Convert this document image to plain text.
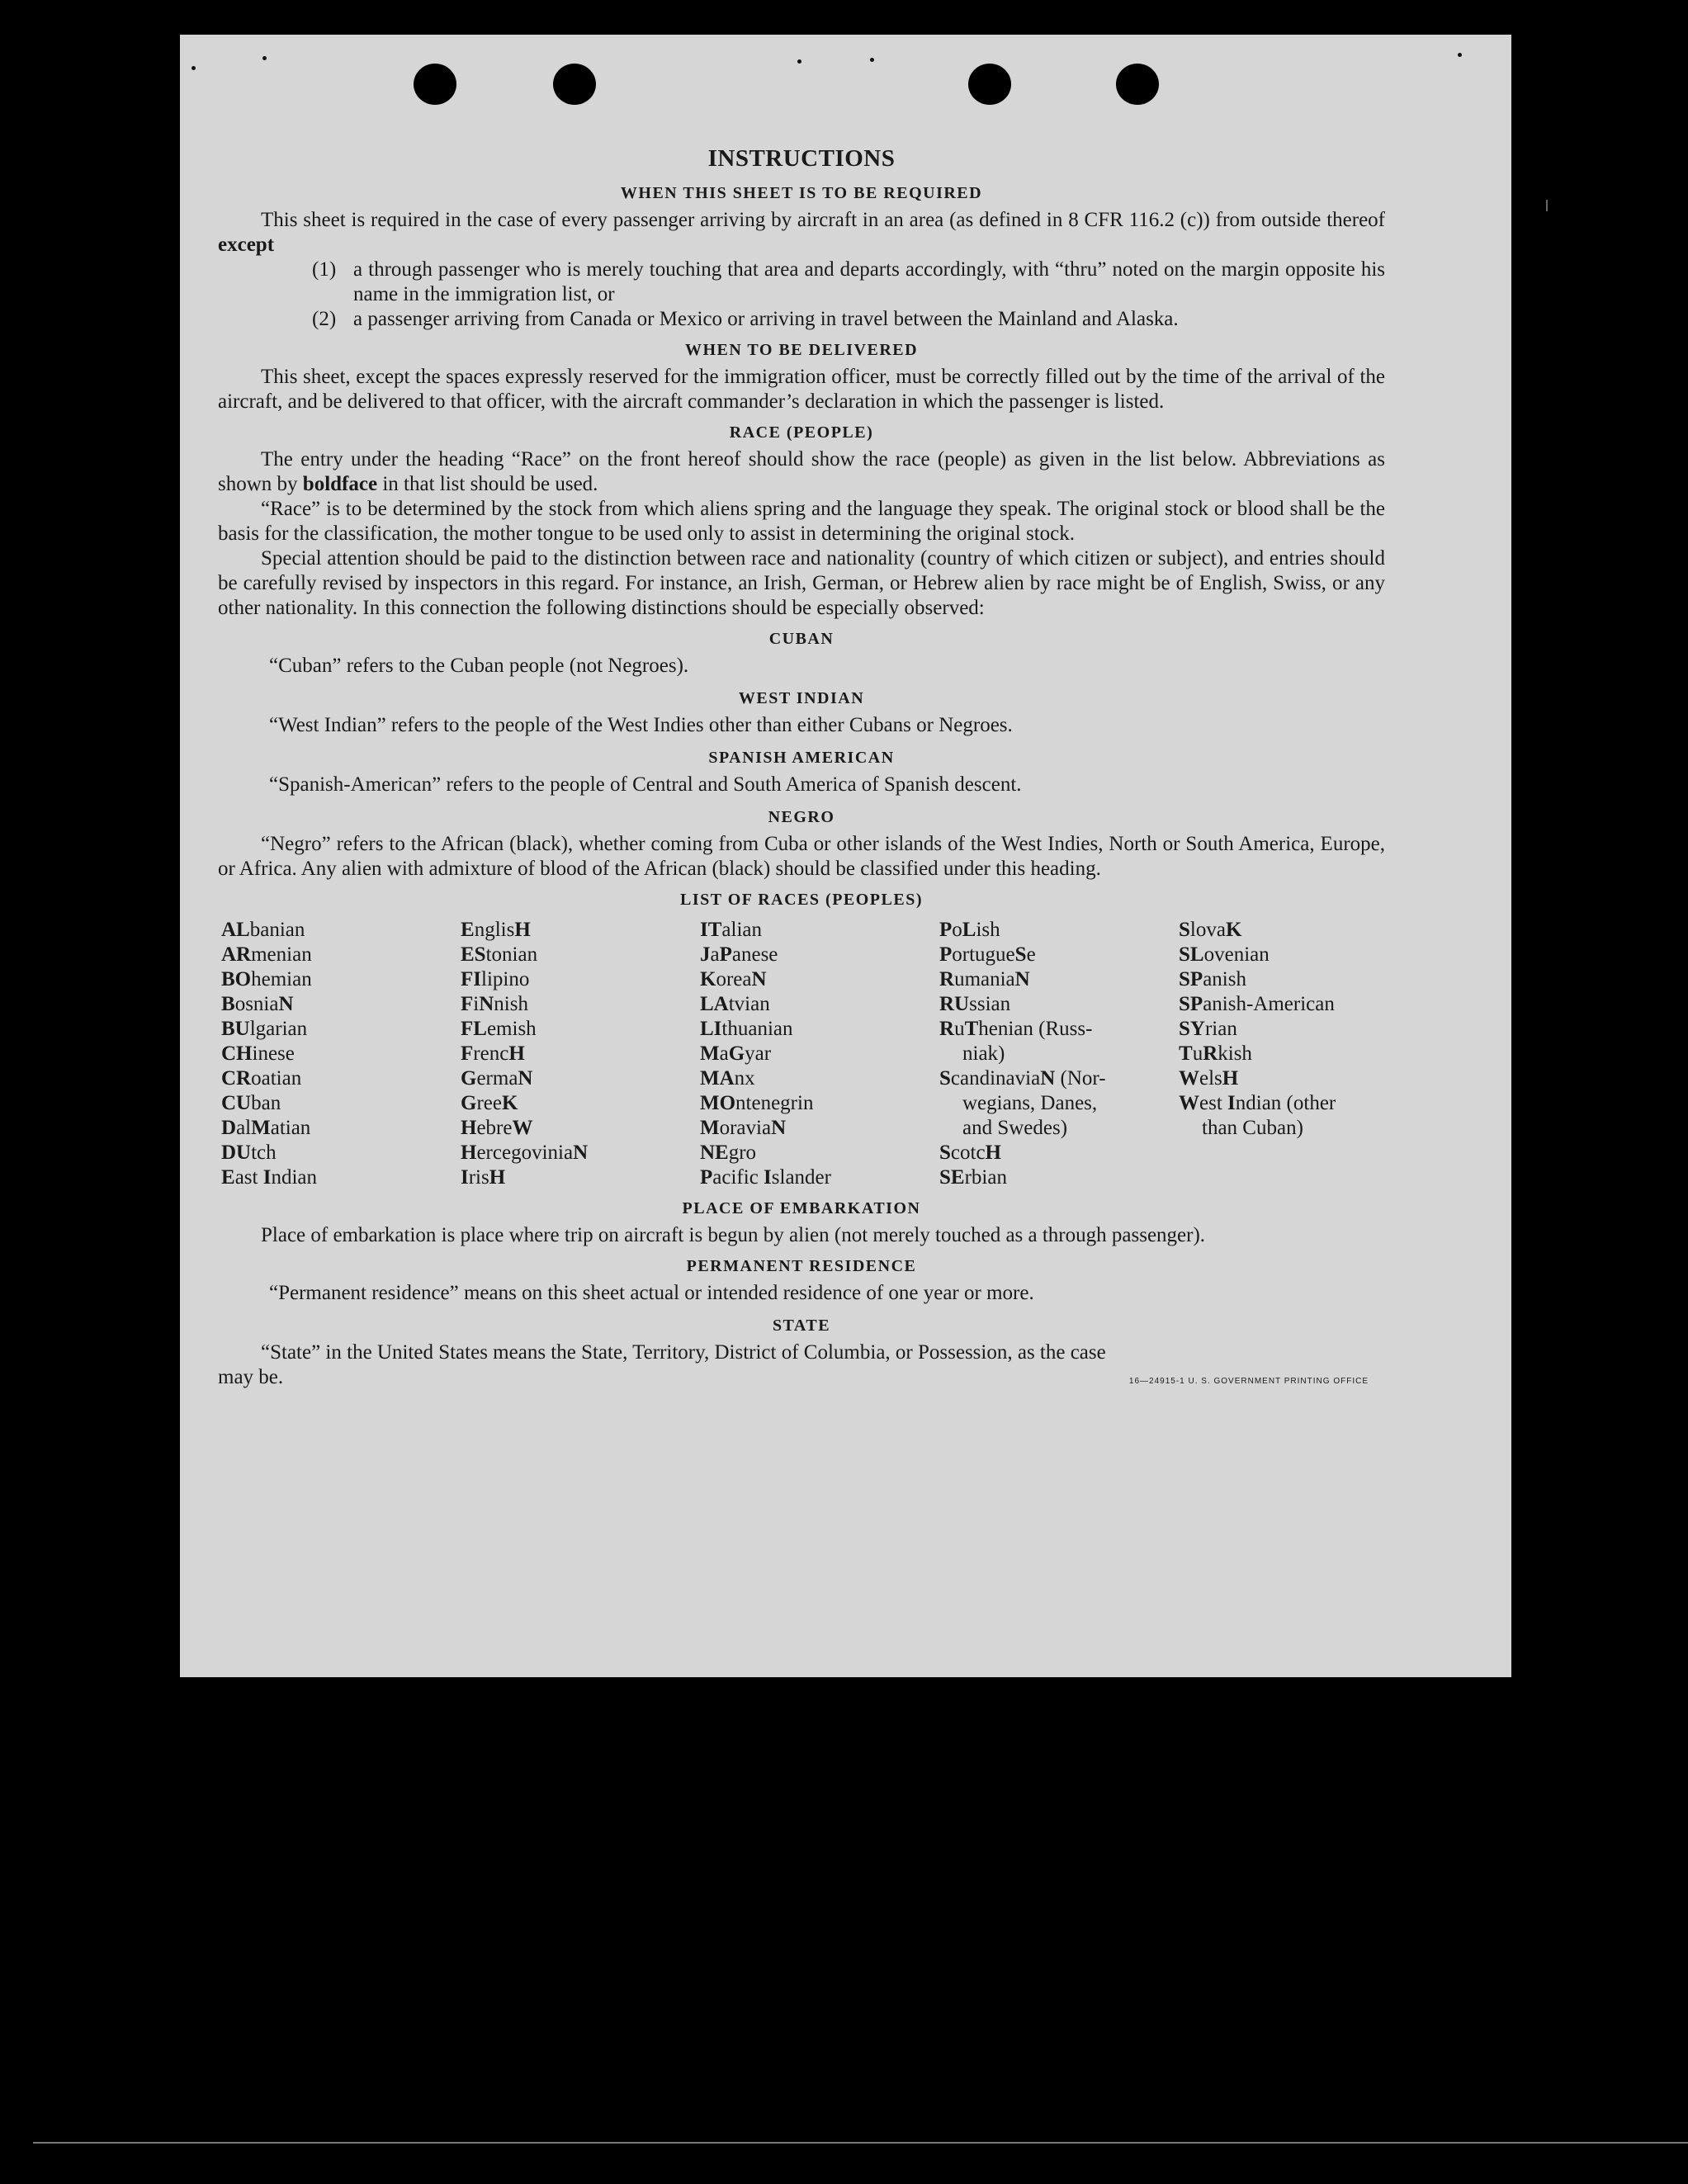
INSTRUCTIONS
WHEN THIS SHEET IS TO BE REQUIRED

This sheet is required in the case of every passenger arriving by aircraft in an area (as defined in 8 CFR 116.2 (c)) from outside thereof except

(1) a through passenger who is merely touching that area and departs accordingly, with “thru” noted on the margin opposite his name in the immigration list, or
(2) a passenger arriving from Canada or Mexico or arriving in travel between the Mainland and Alaska.
WHEN TO BE DELIVERED

This sheet, except the spaces expressly reserved for the immigration officer, must be correctly filled out by the time of the arrival of the aircraft, and be delivered to that officer, with the aircraft commander’s declaration in which the passenger is listed.

RACE (PEOPLE)

The entry under the heading “Race” on the front hereof should show the race (people) as given in the list below. Abbreviations as shown by boldface in that list should be used.

“Race” is to be determined by the stock from which aliens spring and the language they speak. The original stock or blood shall be the basis for the classification, the mother tongue to be used only to assist in determining the original stock.

Special attention should be paid to the distinction between race and nationality (country of which citizen or subject), and entries should be carefully revised by inspectors in this regard. For instance, an Irish, German, or Hebrew alien by race might be of English, Swiss, or any other nationality. In this connection the following distinctions should be especially observed:

CUBAN

“Cuban” refers to the Cuban people (not Negroes).

WEST INDIAN

“West Indian” refers to the people of the West Indies other than either Cubans or Negroes.

SPANISH AMERICAN

“Spanish-American” refers to the people of Central and South America of Spanish descent.

NEGRO

“Negro” refers to the African (black), whether coming from Cuba or other islands of the West Indies, North or South America, Europe, or Africa. Any alien with admixture of blood of the African (black) should be classified under this heading.

LIST OF RACES (PEOPLES)
ALbanian
ARmenian
BOhemian
BosniaN
BUlgarian
CHinese
CRoatian
CUban
DalMatian
DUtch
East Indian
EnglisH
EStonian
FIlipino
FiNnish
FLemish
FrencH
GermaN
GreeK
HebreW
HercegoviniaN
IrisH
ITalian
JaPanese
KoreaN
LAtvian
LIthuanian
MaGyar
MAnx
MOntenegrin
MoraviaN
NEgro
Pacific Islander
PoLish
PortugueSe
RumaniaN
RUssian
RuThenian (Russ-
niak)
ScandinaviaN (Nor-
wegians, Danes,
and Swedes)
ScotcH
SErbian
SlovaK
SLovenian
SPanish
SPanish-American
SYrian
TuRkish
WelsH
West Indian (other
than Cuban)
PLACE OF EMBARKATION

Place of embarkation is place where trip on aircraft is begun by alien (not merely touched as a through passenger).

PERMANENT RESIDENCE

“Permanent residence” means on this sheet actual or intended residence of one year or more.

STATE

“State” in the United States means the State, Territory, District of Columbia, or Possession, as the case

may be.	16—24915-1 U. S. GOVERNMENT PRINTING OFFICE
